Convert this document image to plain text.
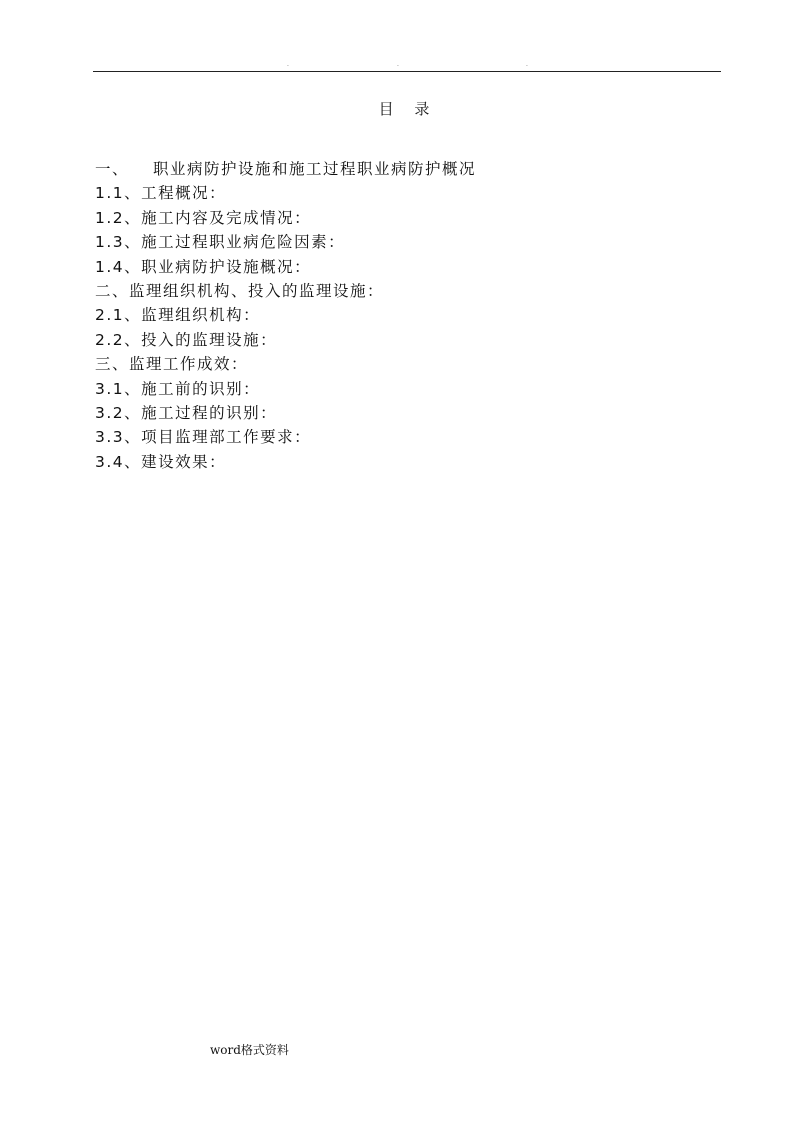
.	.	.
目 录
一、 职业病防护设施和施工过程职业病防护概况
1.1、工程概况：
1.2、施工内容及完成情况：
1.3、施工过程职业病危险因素：
1.4、职业病防护设施概况：
二、监理组织机构、投入的监理设施：
2.1、监理组织机构：
2.2、投入的监理设施：
三、监理工作成效：
3.1、施工前的识别：
3.2、施工过程的识别：
3.3、项目监理部工作要求：
3.4、建设效果：
word格式资料
